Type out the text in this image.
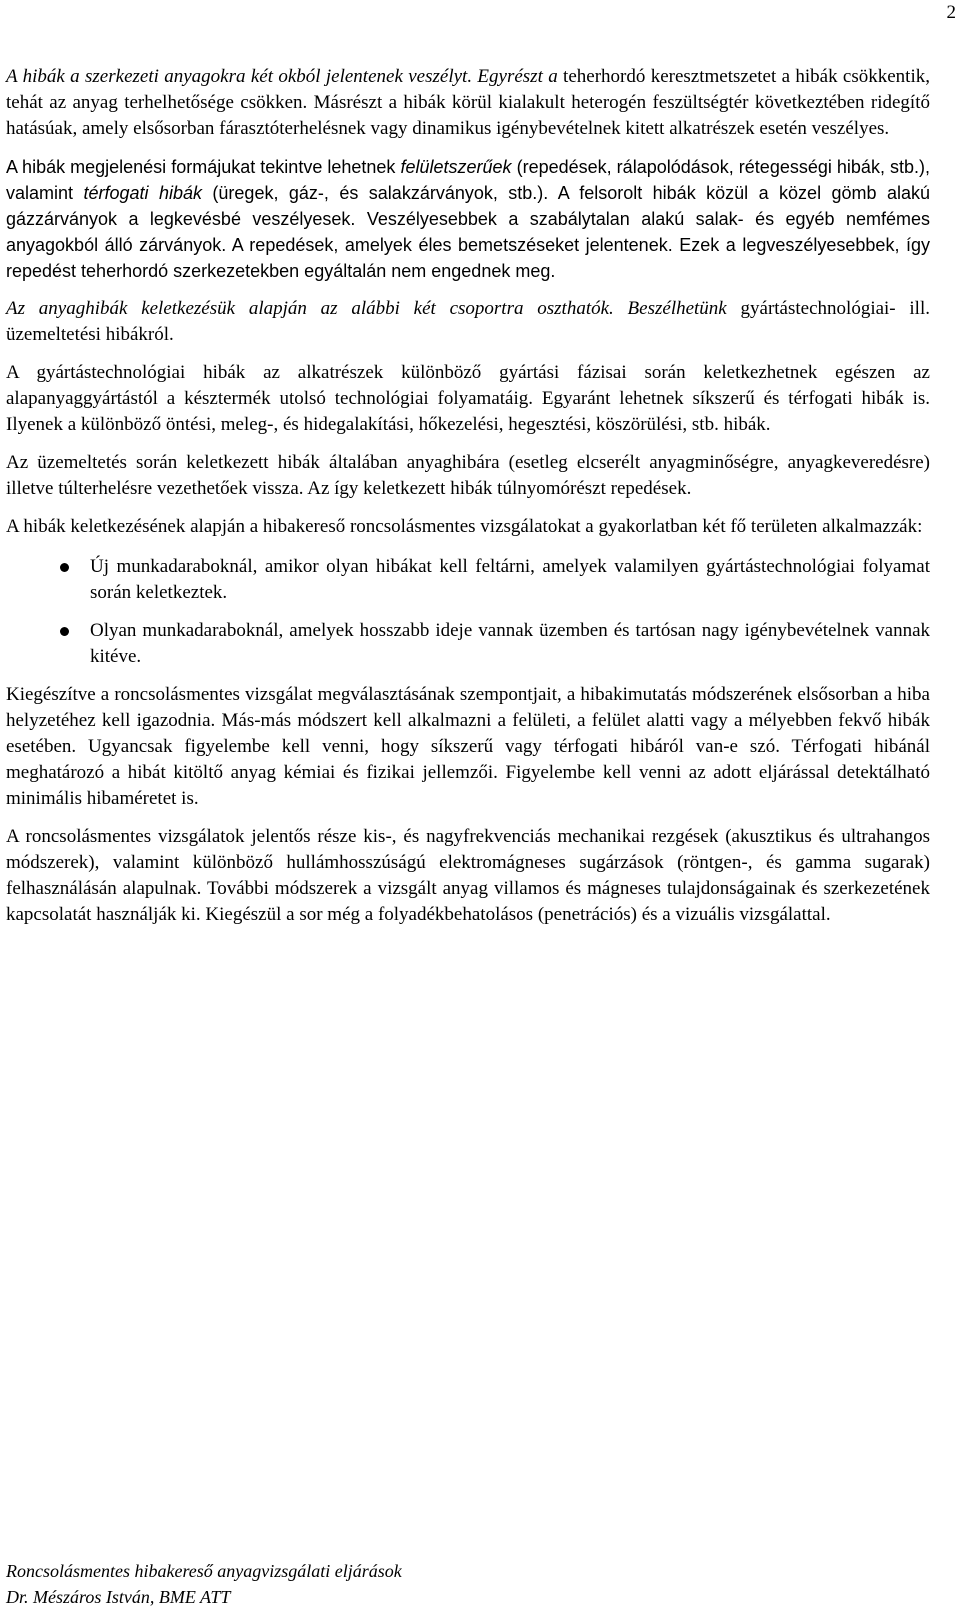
2

A hibák a szerkezeti anyagokra két okból jelentenek veszélyt. Egyrészt a teherhordó keresztmetszetet a hibák csökkentik, tehát az anyag terhelhetősége csökken. Másrészt a hibák körül kialakult heterogén feszültségtér következtében ridegítő hatásúak, amely elsősorban fárasztóterhelésnek vagy dinamikus igénybevételnek kitett alkatrészek esetén veszélyes.

A hibák megjelenési formájukat tekintve lehetnek felületszerűek (repedések, rálapolódások, rétegességi hibák, stb.), valamint térfogati hibák (üregek, gáz-, és salakzárványok, stb.). A felsorolt hibák közül a közel gömb alakú gázzárványok a legkevésbé veszélyesek. Veszélyesebbek a szabálytalan alakú salak- és egyéb nemfémes anyagokból álló zárványok. A repedések, amelyek éles bemetszéseket jelentenek. Ezek a legveszélyesebbek, így repedést teherhordó szerkezetekben egyáltalán nem engednek meg.

Az anyaghibák keletkezésük alapján az alábbi két csoportra oszthatók. Beszélhetünk gyártástechnológiai- ill. üzemeltetési hibákról.

A gyártástechnológiai hibák az alkatrészek különböző gyártási fázisai során keletkezhetnek egészen az alapanyaggyártástól a késztermék utolsó technológiai folyamatáig. Egyaránt lehetnek síkszerű és térfogati hibák is. Ilyenek a különböző öntési, meleg-, és hidegalakítási, hőkezelési, hegesztési, köszörülési, stb. hibák.

Az üzemeltetés során keletkezett hibák általában anyaghibára (esetleg elcserélt anyagminőségre, anyagkeveredésre) illetve túlterhelésre vezethetőek vissza. Az így keletkezett hibák túlnyomórészt repedések.

A hibák keletkezésének alapján a hibakereső roncsolásmentes vizsgálatokat a gyakorlatban két fő területen alkalmazzák:

Új munkadaraboknál, amikor olyan hibákat kell feltárni, amelyek valamilyen gyártástechnológiai folyamat során keletkeztek.
Olyan munkadaraboknál, amelyek hosszabb ideje vannak üzemben és tartósan nagy igénybevételnek vannak kitéve.

Kiegészítve a roncsolásmentes vizsgálat megválasztásának szempontjait, a hibakimutatás módszerének elsősorban a hiba helyzetéhez kell igazodnia. Más-más módszert kell alkalmazni a felületi, a felület alatti vagy a mélyebben fekvő hibák esetében. Ugyancsak figyelembe kell venni, hogy síkszerű vagy térfogati hibáról van-e szó. Térfogati hibánál meghatározó a hibát kitöltő anyag kémiai és fizikai jellemzői. Figyelembe kell venni az adott eljárással detektálható minimális hibaméretet is.

A roncsolásmentes vizsgálatok jelentős része kis-, és nagyfrekvenciás mechanikai rezgések (akusztikus és ultrahangos módszerek), valamint különböző hullámhosszúságú elektromágneses sugárzások (röntgen-, és gamma sugarak) felhasználásán alapulnak. További módszerek a vizsgált anyag villamos és mágneses tulajdonságainak és szerkezetének kapcsolatát használják ki. Kiegészül a sor még a folyadékbehatolásos (penetrációs) és a vizuális vizsgálattal.

Roncsolásmentes hibakereső anyagvizsgálati eljárások
Dr. Mészáros István, BME ATT
